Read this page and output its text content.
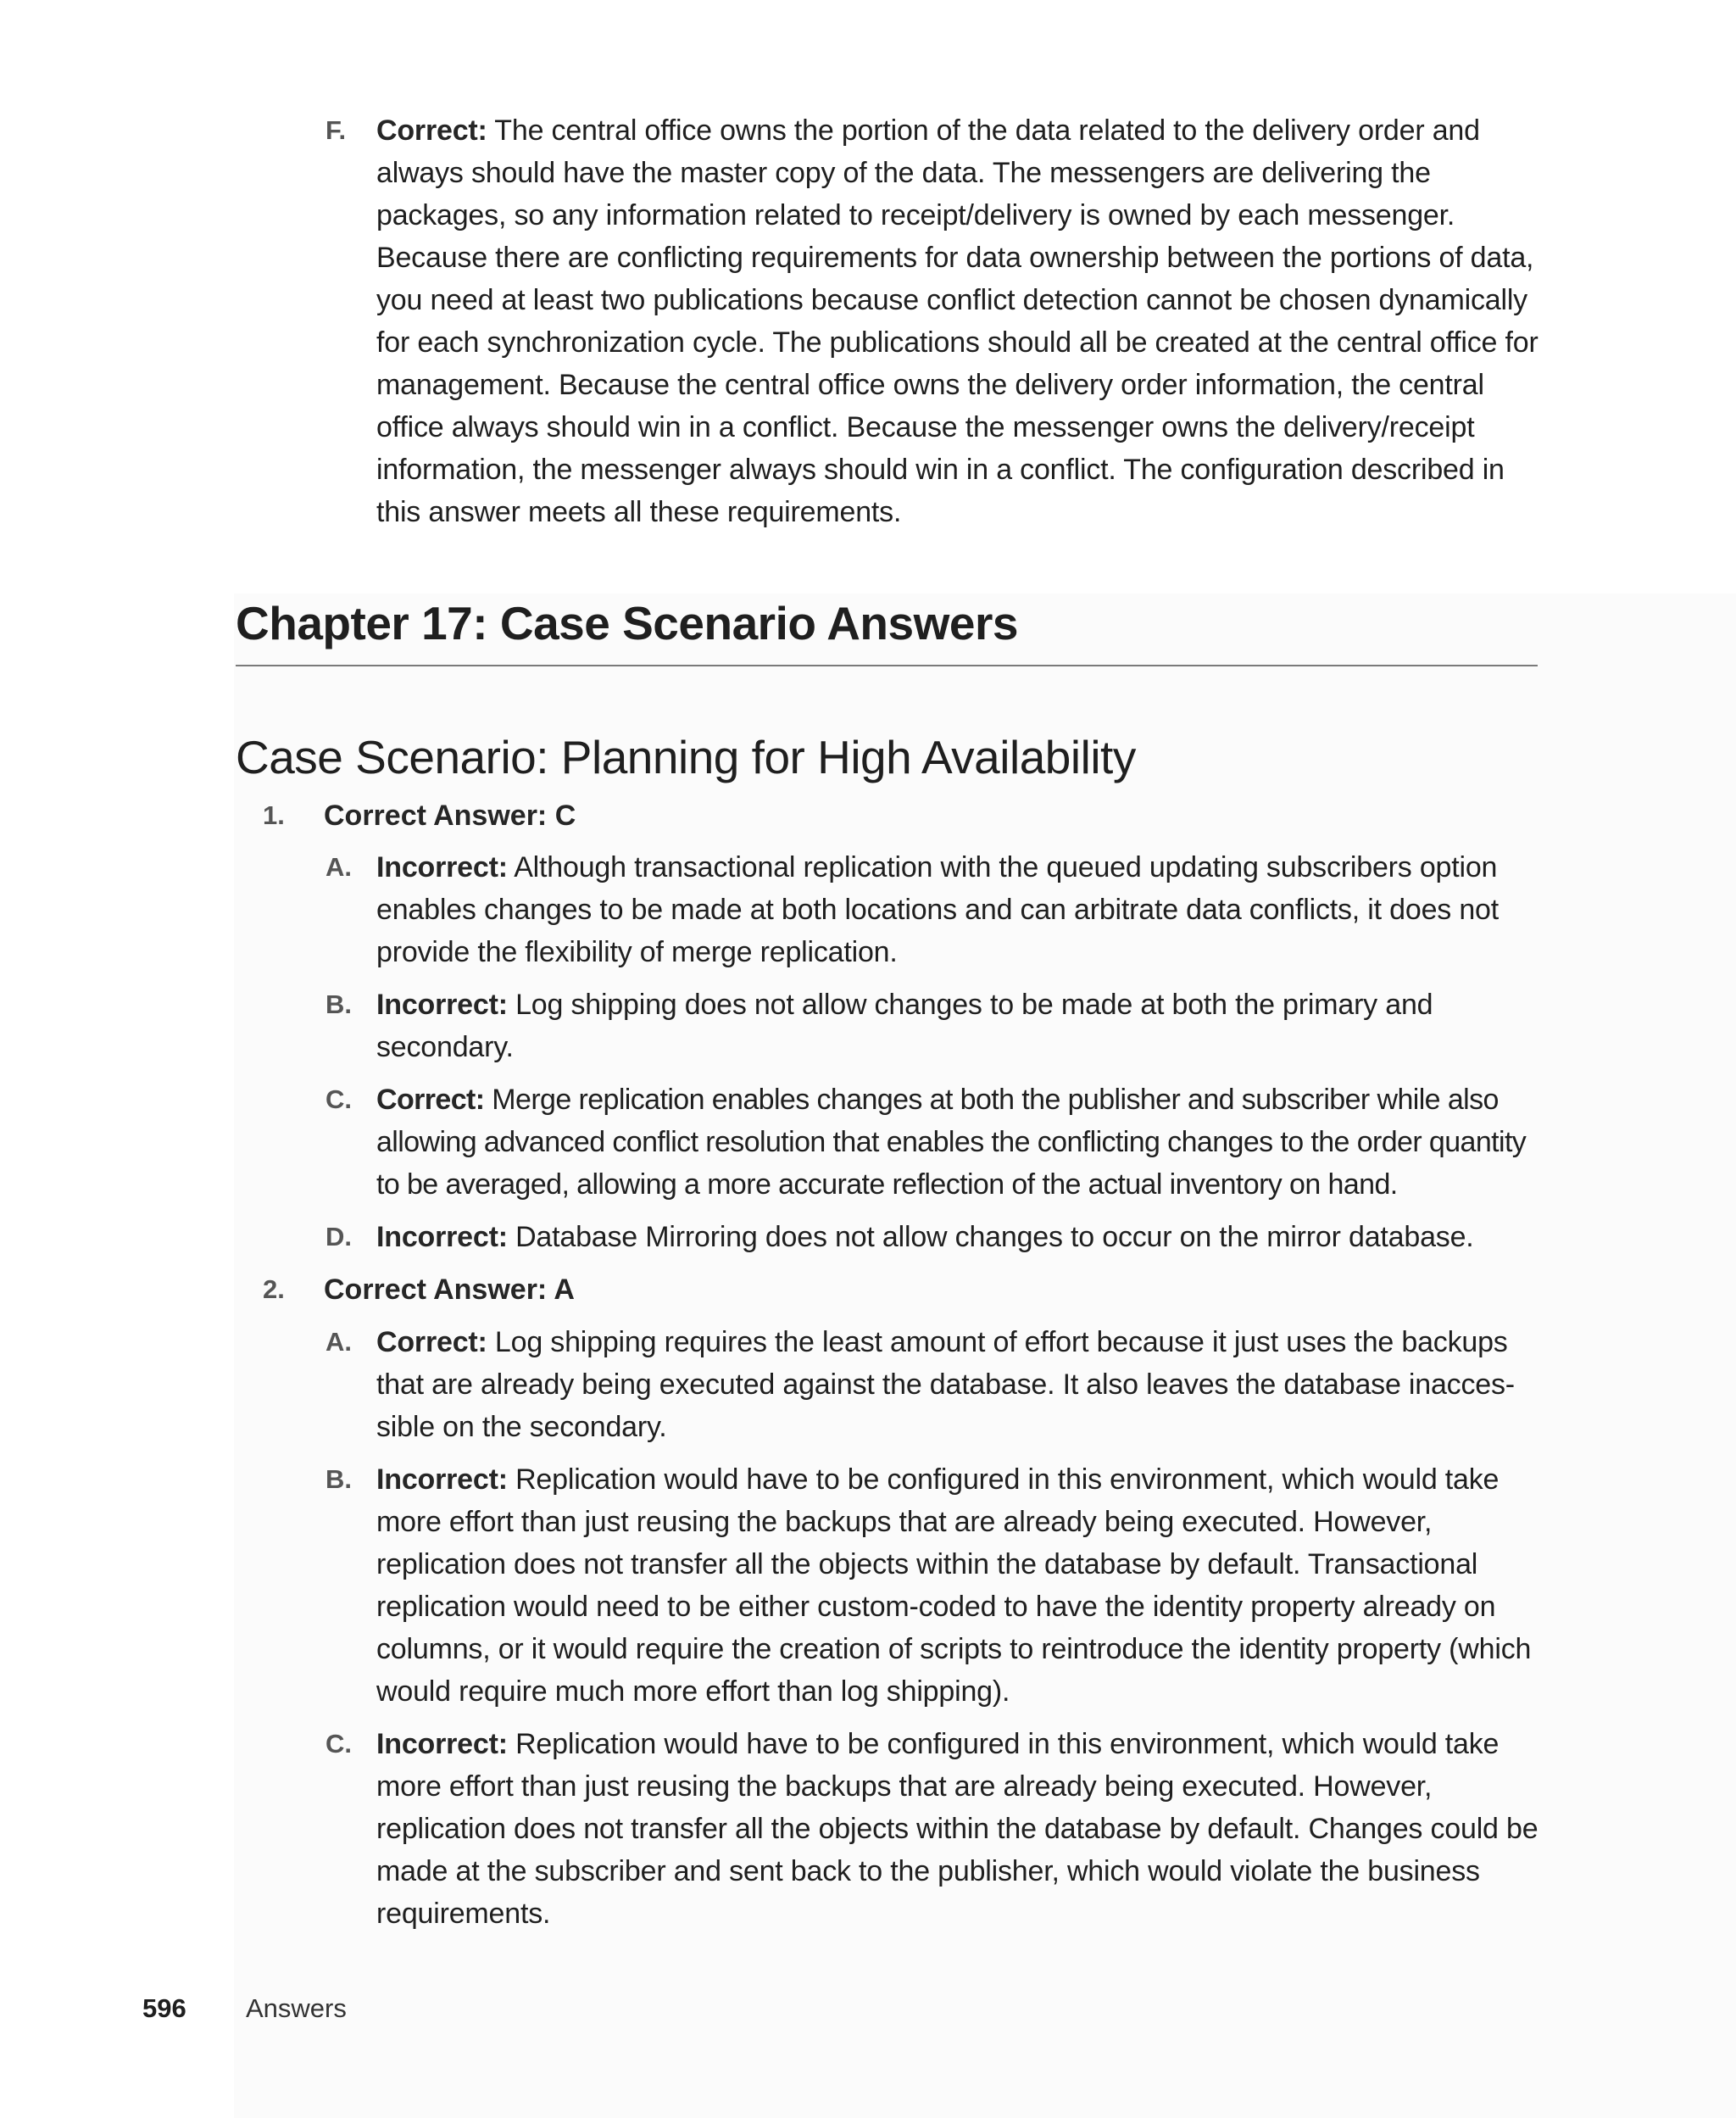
F. Correct: The central office owns the portion of the data related to the delivery order and always should have the master copy of the data. The messengers are delivering the packages, so any information related to receipt/delivery is owned by each messenger. Because there are conflicting requirements for data ownership between the portions of data, you need at least two publications because conflict detection cannot be chosen dynamically for each synchronization cycle. The publications should all be created at the central office for management. Because the central office owns the delivery order information, the central office always should win in a conflict. Because the messenger owns the delivery/receipt information, the messenger always should win in a conflict. The configuration described in this answer meets all these requirements.
Chapter 17: Case Scenario Answers
Case Scenario: Planning for High Availability
1. Correct Answer: C
A. Incorrect: Although transactional replication with the queued updating subscribers option enables changes to be made at both locations and can arbitrate data conflicts, it does not provide the flexibility of merge replication.
B. Incorrect: Log shipping does not allow changes to be made at both the primary and secondary.
C. Correct: Merge replication enables changes at both the publisher and subscriber while also allowing advanced conflict resolution that enables the conflicting changes to the order quantity to be averaged, allowing a more accurate reflection of the actual inventory on hand.
D. Incorrect: Database Mirroring does not allow changes to occur on the mirror database.
2. Correct Answer: A
A. Correct: Log shipping requires the least amount of effort because it just uses the backups that are already being executed against the database. It also leaves the database inacces-sible on the secondary.
B. Incorrect: Replication would have to be configured in this environment, which would take more effort than just reusing the backups that are already being executed. However, replication does not transfer all the objects within the database by default. Transactional replication would need to be either custom-coded to have the identity property already on columns, or it would require the creation of scripts to reintroduce the identity property (which would require much more effort than log shipping).
C. Incorrect: Replication would have to be configured in this environment, which would take more effort than just reusing the backups that are already being executed. However, replication does not transfer all the objects within the database by default. Changes could be made at the subscriber and sent back to the publisher, which would violate the business requirements.
596 Answers
